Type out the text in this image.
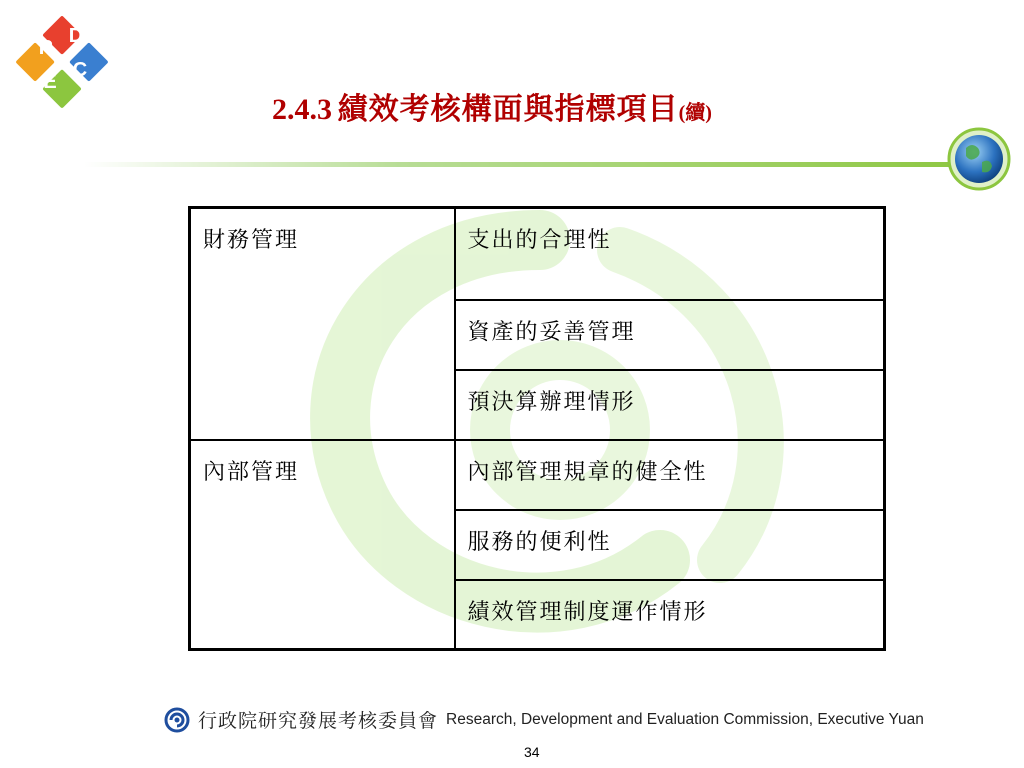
R
D
E
C
2.4.3 績效考核構面與指標項目(續)
財務管理	支出的合理性
	資產的妥善管理
	預決算辦理情形
內部管理	內部管理規章的健全性
	服務的便利性
	績效管理制度運作情形
行政院研究發展考核委員會 Research, Development and Evaluation Commission, Executive Yuan
34
